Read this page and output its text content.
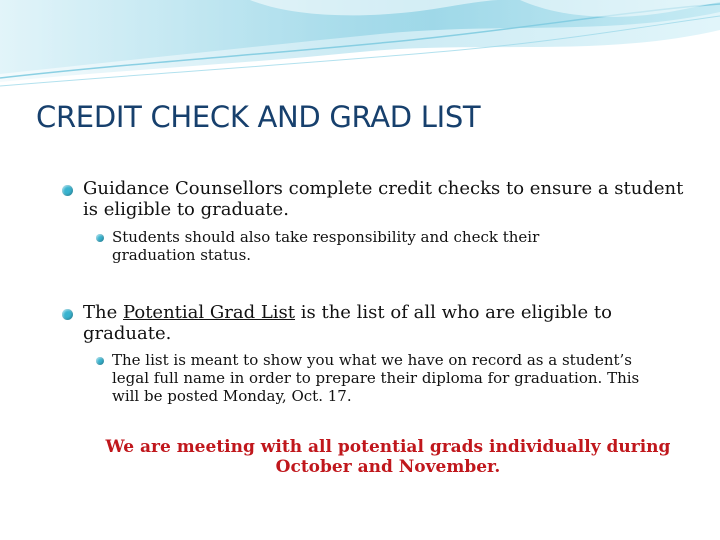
CREDIT CHECK AND GRAD LIST
Guidance Counsellors complete credit checks to ensure a student is eligible to graduate.
Students should also take responsibility and check their graduation status.
The Potential Grad List is the list of all who are eligible to graduate.
The list is meant to show you what we have on record as a student’s legal full name in order to prepare their diploma for graduation. This will be posted Monday, Oct. 17.
We are meeting with all potential grads individually during October and November.
